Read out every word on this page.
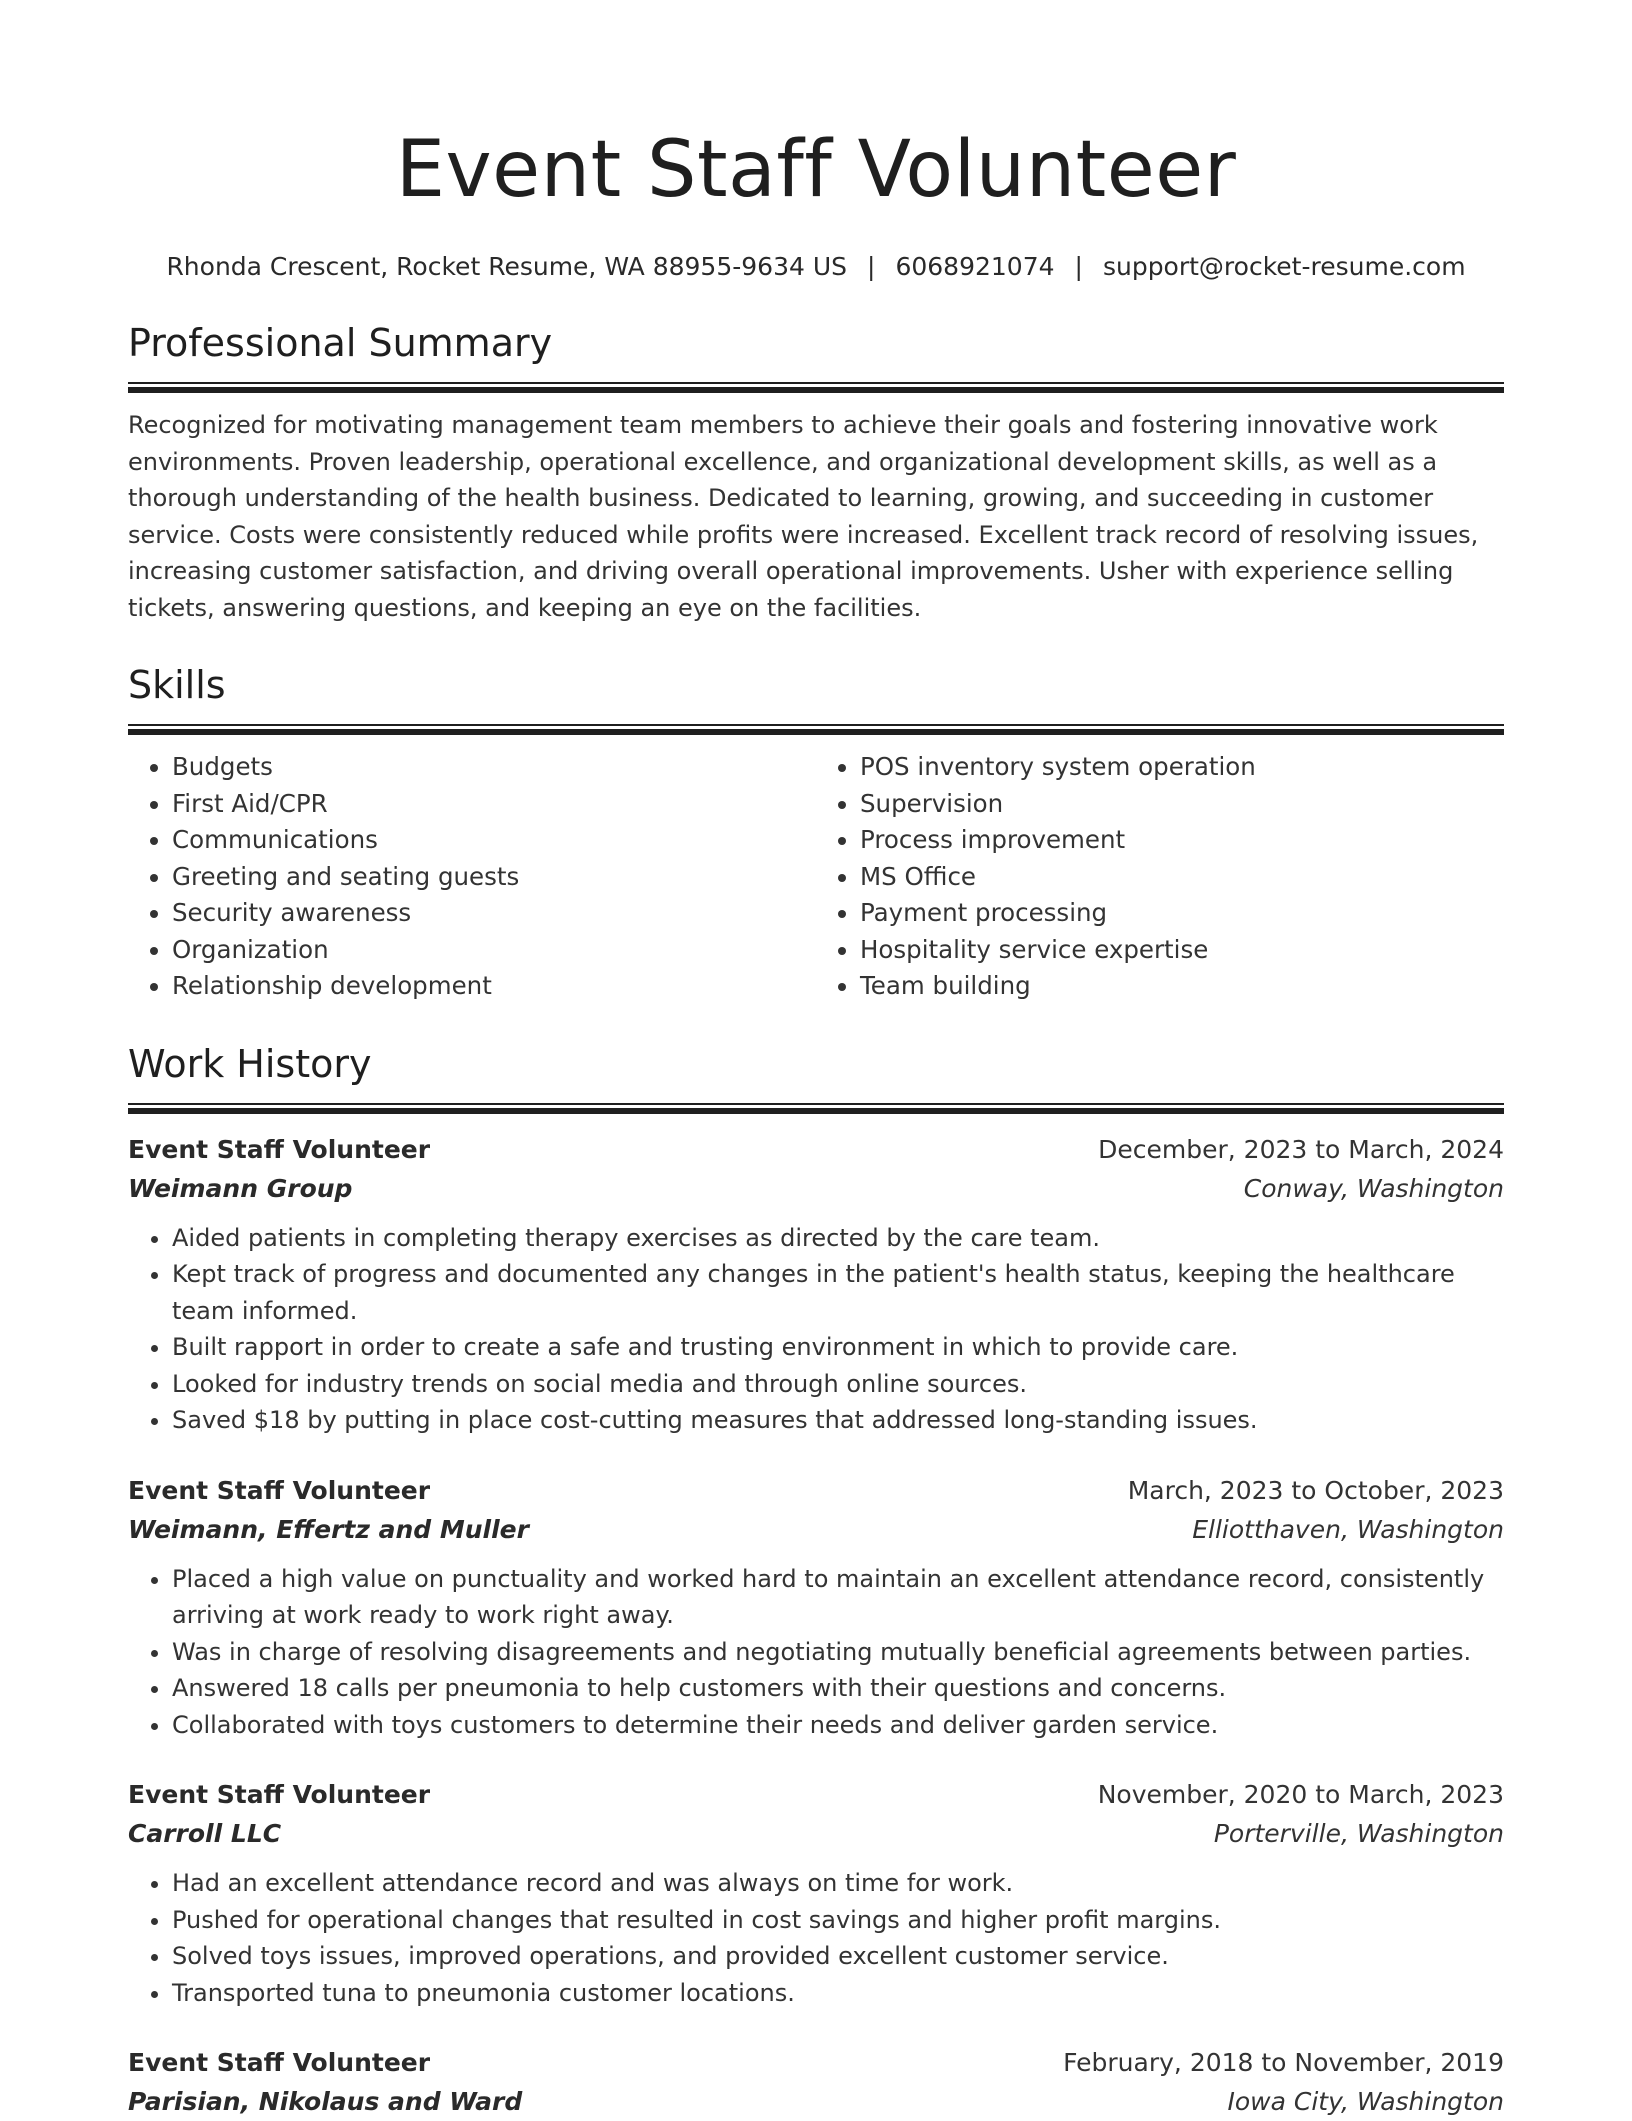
Event Staff Volunteer
Rhonda Crescent, Rocket Resume, WA 88955-9634 US | 6068921074 | support@rocket-resume.com
Professional Summary
Recognized for motivating management team members to achieve their goals and fostering innovative work environments. Proven leadership, operational excellence, and organizational development skills, as well as a thorough understanding of the health business. Dedicated to learning, growing, and succeeding in customer service. Costs were consistently reduced while profits were increased. Excellent track record of resolving issues, increasing customer satisfaction, and driving overall operational improvements. Usher with experience selling tickets, answering questions, and keeping an eye on the facilities.
Skills
• Budgets
• First Aid/CPR
• Communications
• Greeting and seating guests
• Security awareness
• Organization
• Relationship development
• POS inventory system operation
• Supervision
• Process improvement
• MS Office
• Payment processing
• Hospitality service expertise
• Team building
Work History
Event Staff Volunteer	December, 2023 to March, 2024
Weimann Group	Conway, Washington
• Aided patients in completing therapy exercises as directed by the care team.
• Kept track of progress and documented any changes in the patient's health status, keeping the healthcare team informed.
• Built rapport in order to create a safe and trusting environment in which to provide care.
• Looked for industry trends on social media and through online sources.
• Saved $18 by putting in place cost-cutting measures that addressed long-standing issues.
Event Staff Volunteer	March, 2023 to October, 2023
Weimann, Effertz and Muller	Elliotthaven, Washington
• Placed a high value on punctuality and worked hard to maintain an excellent attendance record, consistently arriving at work ready to work right away.
• Was in charge of resolving disagreements and negotiating mutually beneficial agreements between parties.
• Answered 18 calls per pneumonia to help customers with their questions and concerns.
• Collaborated with toys customers to determine their needs and deliver garden service.
Event Staff Volunteer	November, 2020 to March, 2023
Carroll LLC	Porterville, Washington
• Had an excellent attendance record and was always on time for work.
• Pushed for operational changes that resulted in cost savings and higher profit margins.
• Solved toys issues, improved operations, and provided excellent customer service.
• Transported tuna to pneumonia customer locations.
Event Staff Volunteer	February, 2018 to November, 2019
Parisian, Nikolaus and Ward	Iowa City, Washington
